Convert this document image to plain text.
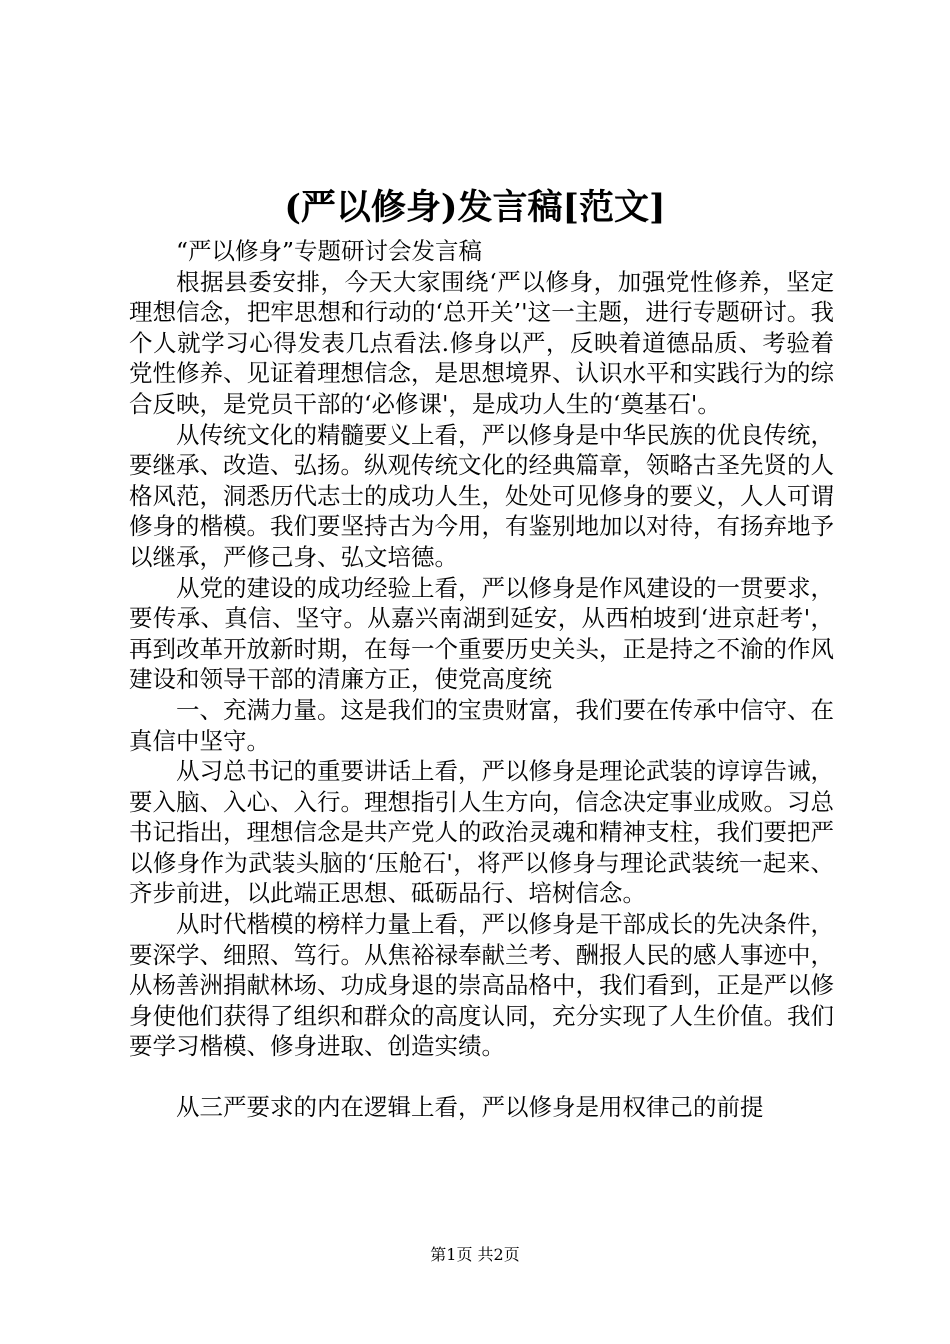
(严以修身)发言稿[范文]

“严以修身”专题研讨会发言稿

根据县委安排，今天大家围绕‘严以修身，加强党性修养，坚定理想信念，把牢思想和行动的‘总开关’'这一主题，进行专题研讨。我个人就学习心得发表几点看法.修身以严，反映着道德品质、考验着党性修养、见证着理想信念，是思想境界、认识水平和实践行为的综合反映，是党员干部的‘必修课'，是成功人生的‘奠基石'。

从传统文化的精髓要义上看，严以修身是中华民族的优良传统，要继承、改造、弘扬。纵观传统文化的经典篇章，领略古圣先贤的人格风范，洞悉历代志士的成功人生，处处可见修身的要义，人人可谓修身的楷模。我们要坚持古为今用，有鉴别地加以对待，有扬弃地予以继承，严修己身、弘文培德。

从党的建设的成功经验上看，严以修身是作风建设的一贯要求，要传承、真信、坚守。从嘉兴南湖到延安，从西柏坡到‘进京赶考'，再到改革开放新时期，在每一个重要历史关头，正是持之不渝的作风建设和领导干部的清廉方正，使党高度统

一、充满力量。这是我们的宝贵财富，我们要在传承中信守、在真信中坚守。

从习总书记的重要讲话上看，严以修身是理论武装的谆谆告诫，要入脑、入心、入行。理想指引人生方向，信念决定事业成败。习总书记指出，理想信念是共产党人的政治灵魂和精神支柱，我们要把严以修身作为武装头脑的‘压舱石'，将严以修身与理论武装统一起来、齐步前进，以此端正思想、砥砺品行、培树信念。

从时代楷模的榜样力量上看，严以修身是干部成长的先决条件，要深学、细照、笃行。从焦裕禄奉献兰考、酬报人民的感人事迹中，从杨善洲捐献林场、功成身退的崇高品格中，我们看到，正是严以修身使他们获得了组织和群众的高度认同，充分实现了人生价值。我们要学习楷模、修身进取、创造实绩。

从三严要求的内在逻辑上看，严以修身是用权律己的前提

第1页 共2页
